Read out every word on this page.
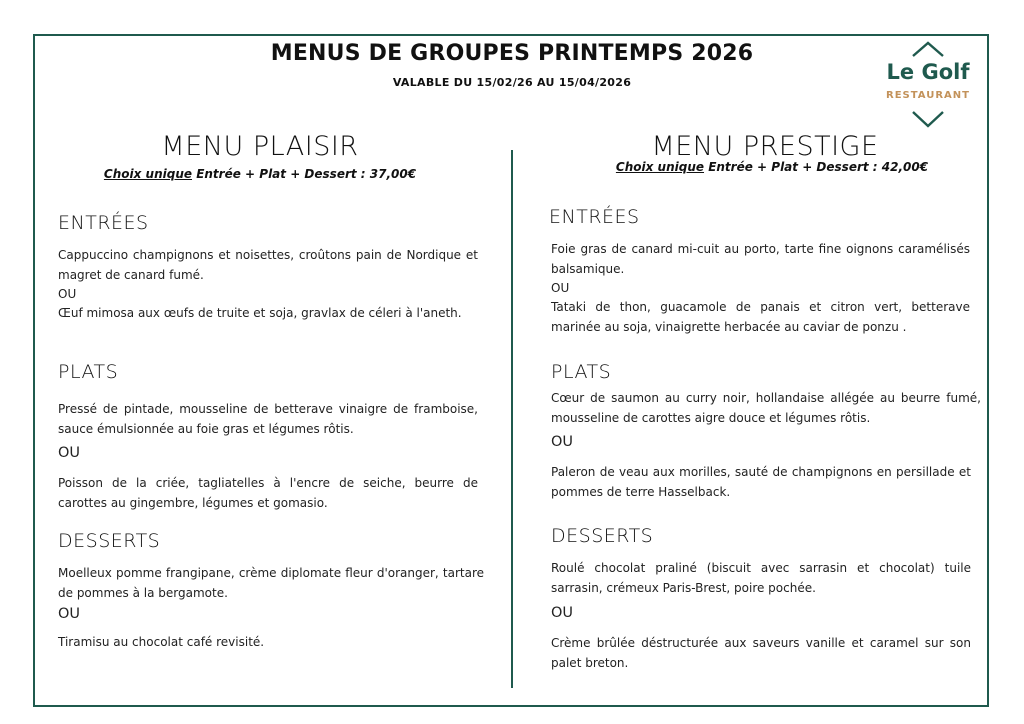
MENUS DE GROUPES PRINTEMPS 2026
VALABLE DU 15/02/26 AU 15/04/2026	Le Golf
RESTAURANT
MENU PLAISIR
Choix unique Entrée + Plat + Dessert : 37,00€
ENTRÉES
Cappuccino champignons et noisettes, croûtons pain de Nordique et magret de canard fumé.
OU
Œuf mimosa aux œufs de truite et soja, gravlax de céleri à l'aneth.
PLATS
Pressé de pintade, mousseline de betterave vinaigre de framboise, sauce émulsionnée au foie gras et légumes rôtis.
OU
Poisson de la criée, tagliatelles à l'encre de seiche, beurre de carottes au gingembre, légumes et gomasio.
DESSERTS
Moelleux pomme frangipane, crème diplomate fleur d'oranger, tartare de pommes à la bergamote.
OU
Tiramisu au chocolat café revisité.
MENU PRESTIGE
Choix unique Entrée + Plat + Dessert : 42,00€
ENTRÉES
Foie gras de canard mi-cuit au porto, tarte fine oignons caramélisés balsamique.
OU
Tataki de thon, guacamole de panais et citron vert, betterave marinée au soja, vinaigrette herbacée au caviar de ponzu .
PLATS
Cœur de saumon au curry noir, hollandaise allégée au beurre fumé, mousseline de carottes aigre douce et légumes rôtis.
OU
Paleron de veau aux morilles, sauté de champignons en persillade et pommes de terre Hasselback.
DESSERTS
Roulé chocolat praliné (biscuit avec sarrasin et chocolat) tuile sarrasin, crémeux Paris-Brest, poire pochée.
OU
Crème brûlée déstructurée aux saveurs vanille et caramel sur son palet breton.
